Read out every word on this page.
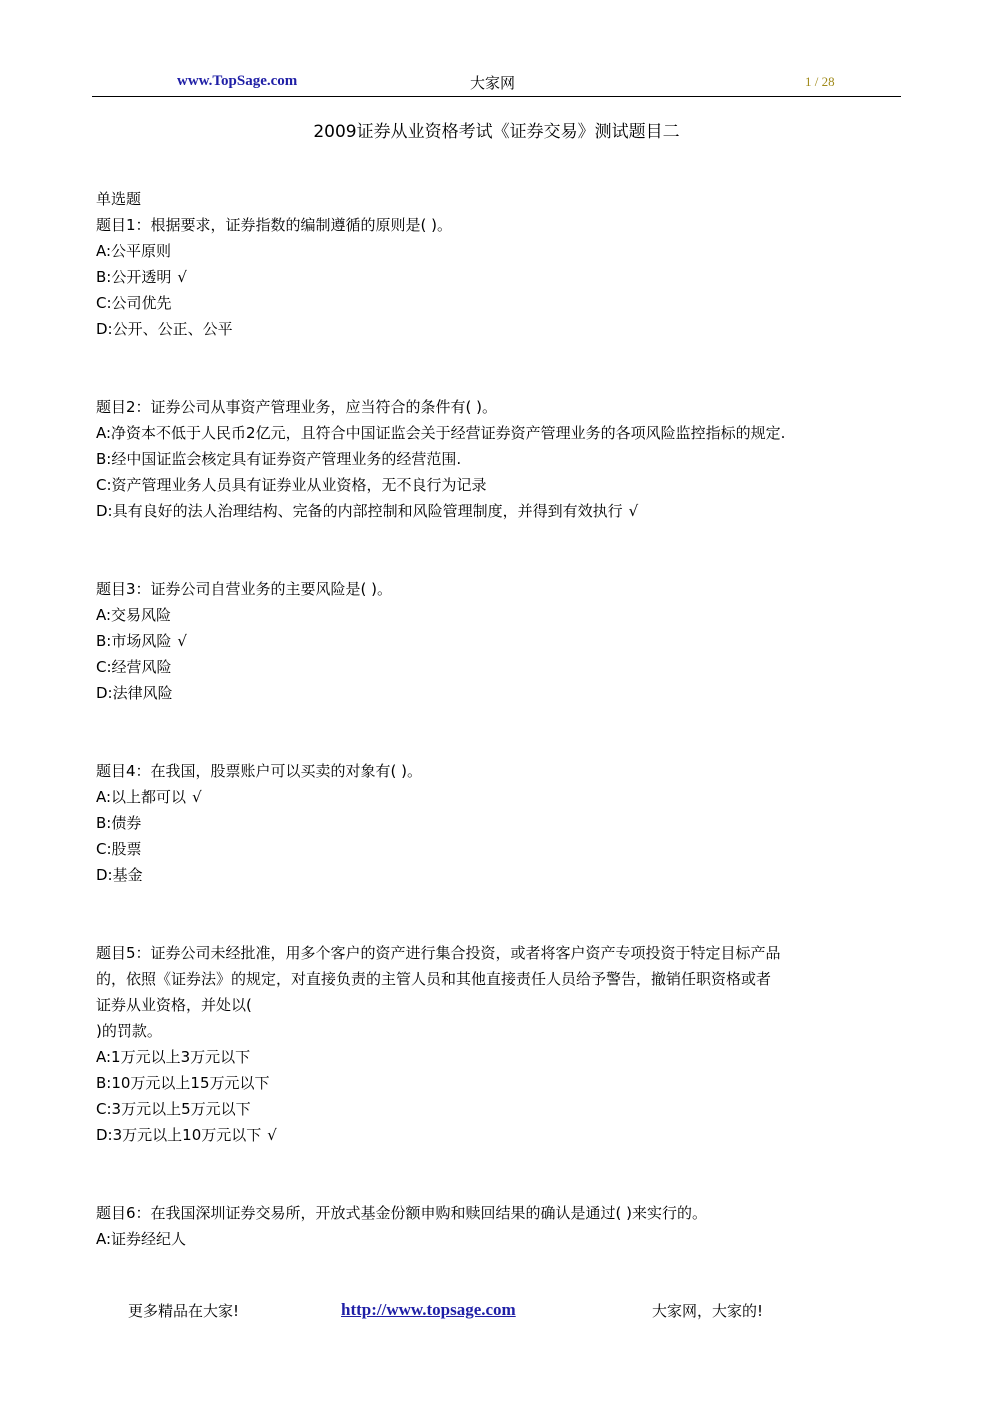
www.TopSage.com	大家网	1 / 28
2009证券从业资格考试《证券交易》测试题目二
单选题
题目1：根据要求，证券指数的编制遵循的原则是( )。
A:公平原则
B:公开透明 √
C:公司优先
D:公开、公正、公平
题目2：证券公司从事资产管理业务，应当符合的条件有( )。
A:净资本不低于人民币2亿元，且符合中国证监会关于经营证券资产管理业务的各项风险监控指标的规定.
B:经中国证监会核定具有证券资产管理业务的经营范围.
C:资产管理业务人员具有证券业从业资格，无不良行为记录
D:具有良好的法人治理结构、完备的内部控制和风险管理制度，并得到有效执行 √
题目3：证券公司自营业务的主要风险是( )。
A:交易风险
B:市场风险 √
C:经营风险
D:法律风险
题目4：在我国，股票账户可以买卖的对象有( )。
A:以上都可以 √
B:债券
C:股票
D:基金
题目5：证券公司未经批准，用多个客户的资产进行集合投资，或者将客户资产专项投资于特定目标产品
的，依照《证券法》的规定，对直接负责的主管人员和其他直接责任人员给予警告，撤销任职资格或者
证券从业资格，并处以(
)的罚款。
A:1万元以上3万元以下
B:10万元以上15万元以下
C:3万元以上5万元以下
D:3万元以上10万元以下 √
题目6：在我国深圳证券交易所，开放式基金份额申购和赎回结果的确认是通过( )来实行的。
A:证券经纪人
更多精品在大家!	http://www.topsage.com	大家网，大家的!
